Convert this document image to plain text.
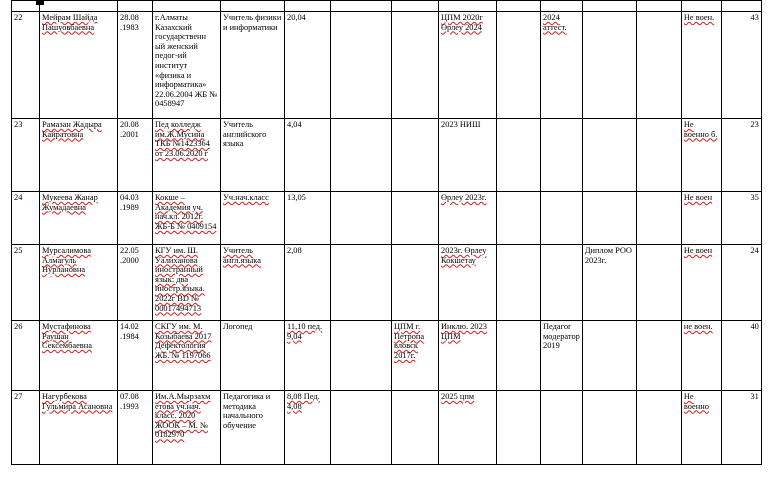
22	Мейрам Шайда Пашуовбаевна	28.08 .1983	г.Алматы Казахский государственн ый женский педог-ий институт «физика и информатика» 22.06.2004 ЖБ № 0458947	Учитель физики и информатики	20,04			ЦПМ 2020г Өрлеу 2024		2024 аттест.			Не воен.	43
23	Рамазан Жадыра Кайратовна	20.08 .2001	Пед колледж им.Ж.Мусина ТКБ №1423364 от 23.06.2020 г	Учитель английского языка	4,04			2023 НИШ					Не военно б.	23
24	Мукеева Жанар Жумадаевна	04.03 .1989	Кокше – Академия уч. нач.кл. 2012г. ЖБ-Б № 0409154	Уч.нач.класс	13,05			Өрлеу 2023г.					Не воен	35
25	Мурсалимова Алмагуль Нурлановна	22.05 .2000	КГУ им. Ш. Уалиханова иностранный язык: два иностр.языка. 2022г BD № 00017494713	Учитель англ.языка	2,08			2023г. Өрлеу Кокшетау			Диплом РОО 2023г.		Не воен	24
26	Мустафинова Раушан Сексембаевна	14.02 .1984	СКГУ им. М. Козыбаева 2017 Дефектология ЖБ. № 1197066	Логопед	11,10 пед. 9,04		ЦПМ г. Петропа вловск 2017г.	Инклю. 2023 ЦПМ		Педагог модератор 2019			не воен.	40
27	Нагурбекова Гульмира Асановна	07.08 .1993	Им.А.Мырзахм етова уч.нач. класс. 2020 ЖООК – М. № 0182970	Педагогика и методика начального обучение	8,08 Пед. 4,08			2025 цпм					Не военно	31
